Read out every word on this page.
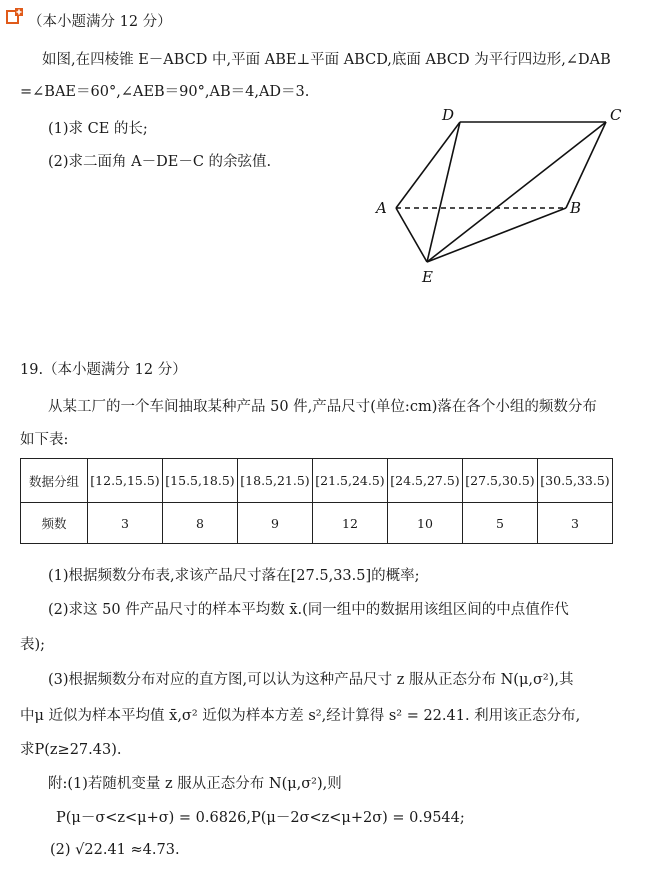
（本小题满分 12 分）
如图,在四棱锥 E－ABCD 中,平面 ABE⊥平面 ABCD,底面 ABCD 为平行四边形,∠DAB
=∠BAE＝60°,∠AEB＝90°,AB＝4,AD＝3.
(1)求 CE 的长;
(2)求二面角 A－DE－C 的余弦值.
D	C
A	B
E
19.（本小题满分 12 分）
从某工厂的一个车间抽取某种产品 50 件,产品尺寸(单位:cm)落在各个小组的频数分布
如下表:
数据分组	[12.5,15.5)	[15.5,18.5)	[18.5,21.5)	[21.5,24.5)	[24.5,27.5)	[27.5,30.5)	[30.5,33.5)
频数	3	8	9	12	10	5	3
(1)根据频数分布表,求该产品尺寸落在[27.5,33.5]的概率;
(2)求这 50 件产品尺寸的样本平均数 x̄.(同一组中的数据用该组区间的中点值作代
表);
(3)根据频数分布对应的直方图,可以认为这种产品尺寸 z 服从正态分布 N(μ,σ²),其
中μ 近似为样本平均值 x̄,σ² 近似为样本方差 s²,经计算得 s² = 22.41. 利用该正态分布,
求P(z≥27.43).
附:(1)若随机变量 z 服从正态分布 N(μ,σ²),则
P(μ－σ<z<μ+σ) = 0.6826,P(μ－2σ<z<μ+2σ) = 0.9544;
(2) √22.41 ≈4.73.
